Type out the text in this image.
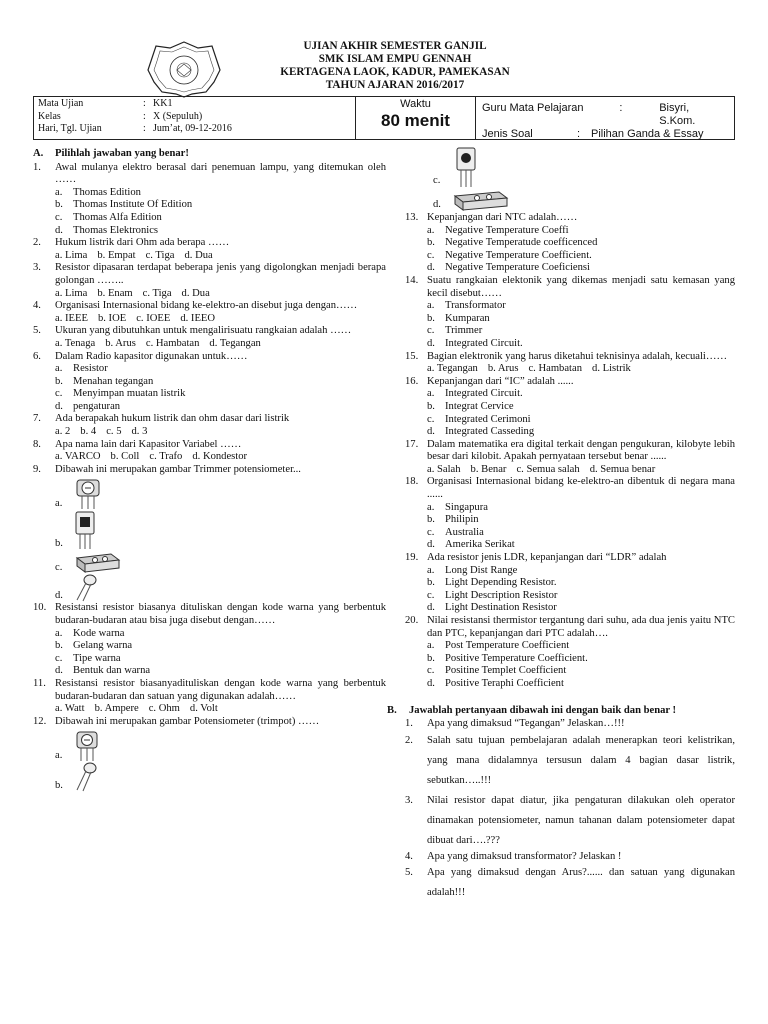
UJIAN AKHIR SEMESTER GANJIL
SMK ISLAM EMPU GENNAH
KERTAGENA LAOK, KADUR, PAMEKASAN
TAHUN AJARAN 2016/2017
Mata Ujian	: KK1
Kelas	: X (Sepuluh)
Hari, Tgl. Ujian	: Jum’at, 09-12-2016
Waktu
80 menit
Guru Mata Pelajaran	:	Bisyri, S.Kom.
Jenis Soal	: Pilihan Ganda & Essay
A. Pilihlah jawaban yang benar!
1.	Awal mulanya elektro berasal dari penemuan lampu, yang ditemukan oleh ……
a.	Thomas Edition
b. Thomas Institute Of Edition
c.	Thomas Alfa Edition
d. Thomas Elektronics
2.	Hukum listrik dari Ohm ada berapa ……
a. Lima b. Empat c. Tiga d. Dua
3.	Resistor dipasaran terdapat beberapa jenis yang digolongkan menjadi berapa golongan ……..
a. Lima b. Enam c. Tiga d. Dua
4.	Organisasi Internasional bidang ke-elektro-an disebut juga dengan……
a. IEEE b. IOE c. IOEE d. IEEO
5.	Ukuran yang dibutuhkan untuk mengalirisuatu rangkaian adalah ……
a. Tenaga b. Arus c. Hambatan d. Tegangan
6.	Dalam Radio kapasitor digunakan untuk……
a.	Resistor
b. Menahan tegangan
c.	Menyimpan muatan listrik
d. pengaturan
7.	Ada berapakah hukum listrik dan ohm dasar dari listrik
a. 2 b. 4 c. 5 d. 3
8.	Apa nama lain dari Kapasitor Variabel ……
a. VARCO b. Coll c. Trafo d. Kondestor
9.	Dibawah ini merupakan gambar Trimmer potensiometer...
a.
b.
c.
d.
10. Resistansi resistor biasanya dituliskan dengan kode warna yang berbentuk budaran-budaran atau bisa juga disebut dengan……
a.	Kode warna
b. Gelang warna
c.	Tipe warna
d. Bentuk dan warna
11. Resistansi resistor biasanyadituliskan dengan kode warna yang berbentuk budaran-budaran dan satuan yang digunakan adalah……
a. Watt b. Ampere c. Ohm d. Volt
12. Dibawah ini merupakan gambar Potensiometer (trimpot) ……
a.
b.
c.
d.
13. Kepanjangan dari NTC adalah……
a.	Negative Temperature Coeffi
b. Negative Temperatude coefficenced
c.	Negative Temperature Coefficient.
d. Negative Temperature Coeficiensi
14. Suatu rangkaian elektonik yang dikemas menjadi satu kemasan yang kecil disebut……
a.	Transformator
b. Kumparan
c.	Trimmer
d. Integrated Circuit.
15. Bagian elektronik yang harus diketahui teknisinya adalah, kecuali……
a. Tegangan b. Arus c. Hambatan d. Listrik
16. Kepanjangan dari “IC” adalah ......
a.	Integrated Circuit.
b. Integrat Cervice
c.	Integrated Cerimoni
d. Integrated Casseding
17. Dalam matematika era digital terkait dengan pengukuran, kilobyte lebih besar dari kilobit. Apakah pernyataan tersebut benar ......
a. Salah b. Benar c. Semua salah d. Semua benar
18. Organisasi Internasional bidang ke-elektro-an dibentuk di negara mana ......
a.	Singapura
b. Philipin
c.	Australia
d. Amerika Serikat
19. Ada resistor jenis LDR, kepanjangan dari “LDR” adalah
a.	Long Dist Range
b. Light Depending Resistor.
c.	Light Description Resistor
d. Light Destination Resistor
20. Nilai resistansi thermistor tergantung dari suhu, ada dua jenis yaitu NTC dan PTC, kepanjangan dari PTC adalah….
a.	Post Temperature Coefficient
b. Positive Temperature Coefficient.
c.	Positine Templet Coefficient
d. Positive Teraphi Coefficient
B. Jawablah pertanyaan dibawah ini dengan baik dan benar !
1.	Apa yang dimaksud “Tegangan” Jelaskan…!!!
2.	Salah satu tujuan pembelajaran adalah menerapkan teori kelistrikan, yang mana didalamnya tersusun dalam 4 bagian dasar listrik, sebutkan…..!!!
3.	Nilai resistor dapat diatur, jika pengaturan dilakukan oleh operator dinamakan potensiometer, namun tahanan dalam potensiometer dapat dibuat dari….???
4.	Apa yang dimaksud transformator? Jelaskan !
5.	Apa yang dimaksud dengan Arus?...... dan satuan yang digunakan adalah!!!
